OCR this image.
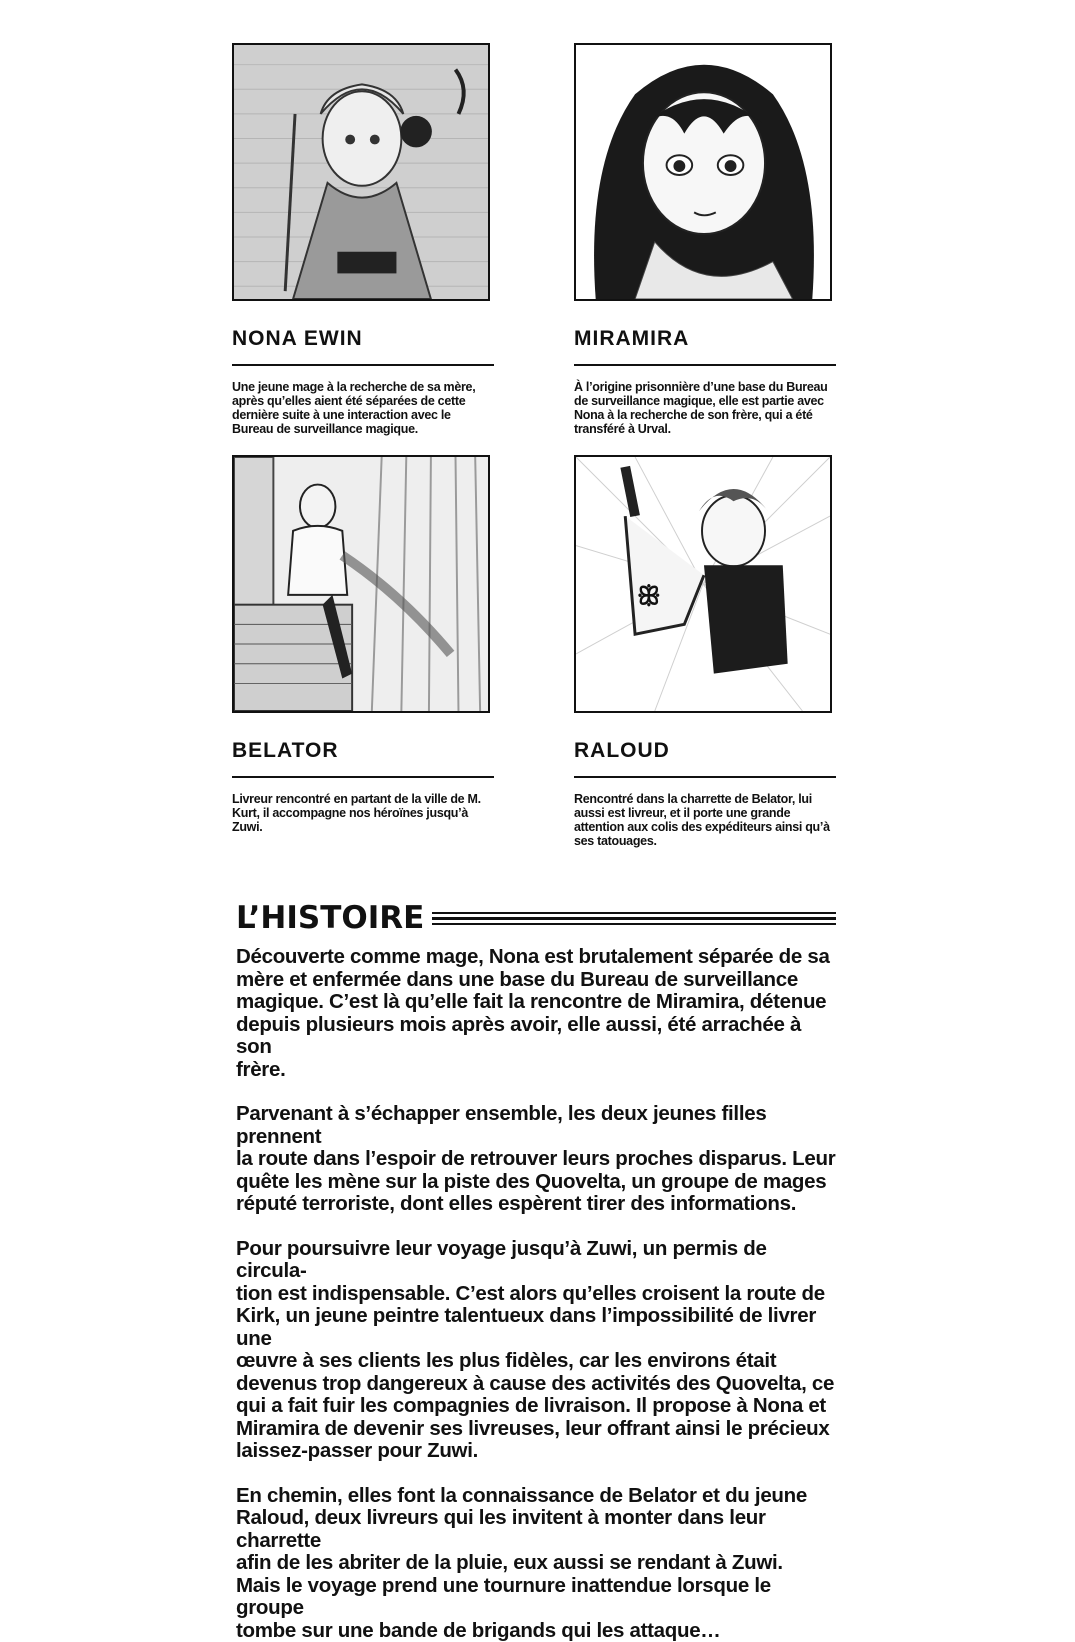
NONA EWIN
Une jeune mage à la recherche de sa mère, après qu’elles aient été séparées de cette dernière suite à une interaction avec le Bureau de surveillance magique.
MIRAMIRA
À l’origine prisonnière d’une base du Bureau de surveillance magique, elle est partie avec Nona à la recherche de son frère, qui a été transféré à Urval.
BELATOR
Livreur rencontré en partant de la ville de M. Kurt, il accompagne nos héroïnes jusqu’à Zuwi.
ꕥ
RALOUD
Rencontré dans la charrette de Belator, lui aussi est livreur, et il porte une grande attention aux colis des expéditeurs ainsi qu’à ses tatouages.
L’HISTOIRE

Découverte comme mage, Nona est brutalement séparée de sa
mère et enfermée dans une base du Bureau de surveillance
magique. C’est là qu’elle fait la rencontre de Miramira, détenue
depuis plusieurs mois après avoir, elle aussi, été arrachée à son
frère.

Parvenant à s’échapper ensemble, les deux jeunes filles prennent
la route dans l’espoir de retrouver leurs proches disparus. Leur
quête les mène sur la piste des Quovelta, un groupe de mages
réputé terroriste, dont elles espèrent tirer des informations.

Pour poursuivre leur voyage jusqu’à Zuwi, un permis de circula-
tion est indispensable. C’est alors qu’elles croisent la route de
Kirk, un jeune peintre talentueux dans l’impossibilité de livrer une
œuvre à ses clients les plus fidèles, car les environs était
devenus trop dangereux à cause des activités des Quovelta, ce
qui a fait fuir les compagnies de livraison. Il propose à Nona et
Miramira de devenir ses livreuses, leur offrant ainsi le précieux
laissez-passer pour Zuwi.

En chemin, elles font la connaissance de Belator et du jeune
Raloud, deux livreurs qui les invitent à monter dans leur charrette
afin de les abriter de la pluie, eux aussi se rendant à Zuwi.
Mais le voyage prend une tournure inattendue lorsque le groupe
tombe sur une bande de brigands qui les attaque…
